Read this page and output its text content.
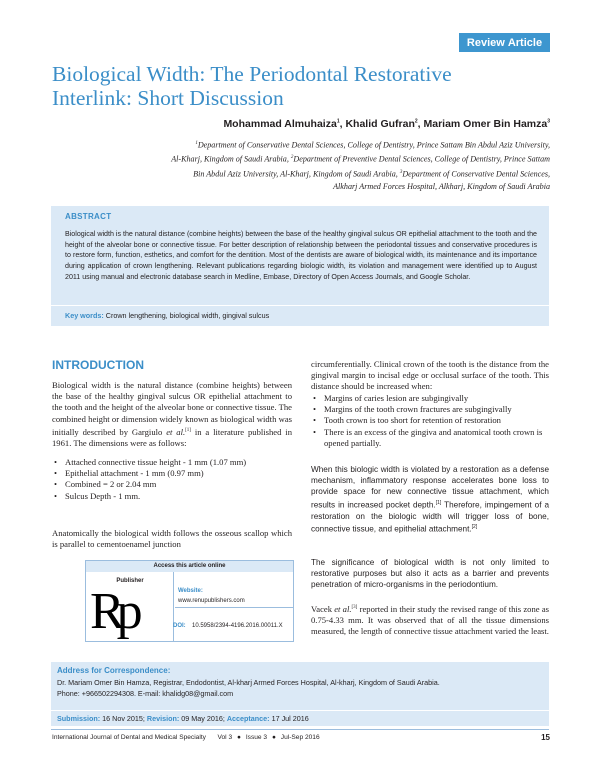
Review Article
Biological Width: The Periodontal Restorative
Interlink: Short Discussion
Mohammad Almuhaiza$^1$, Khalid Gufran$^2$, Mariam Omer Bin Hamza$^3$
$^1$Department of Conservative Dental Sciences, College of Dentistry, Prince Sattam Bin Abdul Aziz University,
Al-Kharj, Kingdom of Saudi Arabia, $^2$Department of Preventive Dental Sciences, College of Dentistry, Prince Sattam
Bin Abdul Aziz University, Al-Kharj, Kingdom of Saudi Arabia, $^3$Department of Conservative Dental Sciences,
Alkharj Armed Forces Hospital, Alkharj, Kingdom of Saudi Arabia
ABSTRACT
Biological width is the natural distance (combine heights) between the base of the healthy gingival sulcus OR epithelial attachment to the tooth and the height of the alveolar bone or connective tissue. For better description of relationship between the periodontal tissues and conservative procedures is to restore form, function, esthetics, and comfort for the dentition. Most of the dentists are aware of biological width, its maintenance and its importance during application of crown lengthening. Relevant publications regarding biologic width, its violation and management were identified up to August 2011 using manual and electronic database search in Medline, Embase, Directory of Open Access Journals, and Google Scholar.
Key words: Crown lengthening, biological width, gingival sulcus
INTRODUCTION
Biological width is the natural distance (combine heights) between the base of the healthy gingival sulcus OR epithelial attachment to the tooth and the height of the alveolar bone or connective tissue. The combined height or dimension widely known as biological width was initially described by Gargiulo et al.[1] in a literature published in 1961. The dimensions were as follows:
• Attached connective tissue height - 1 mm (1.07 mm)
• Epithelial attachment - 1 mm (0.97 mm)
• Combined = 2 or 2.04 mm
• Sulcus Depth - 1 mm.
Anatomically the biological width follows the osseous scallop which is parallel to cementoenamel junction
Access this article online
Publisher
Rp	Website:
www.renupublishers.com
DOI: 10.5958/2394-4196.2016.00011.X
circumferentially. Clinical crown of the tooth is the distance from the gingival margin to incisal edge or occlusal surface of the tooth. This distance should be increased when:
• Margins of caries lesion are subgingivally
• Margins of the tooth crown fractures are subgingivally
• Tooth crown is too short for retention of restoration
• There is an excess of the gingiva and anatomical tooth crown is opened partially.
When this biologic width is violated by a restoration as a defense mechanism, inflammatory response accelerates bone loss to provide space for new connective tissue attachment, which results in increased pocket depth.[1] Therefore, impingement of a restoration on the biologic width will trigger loss of bone, connective tissue, and epithelial attachment.[2]
The significance of biological width is not only limited to restorative purposes but also it acts as a barrier and prevents penetration of micro-organisms in the periodontium.
Vacek et al.[3] reported in their study the revised range of this zone as 0.75-4.33 mm. It was observed that of all the tissue dimensions measured, the length of connective tissue attachment varied the least.
Address for Correspondence:
Dr. Mariam Omer Bin Hamza, Registrar, Endodontist, Al-kharj Armed Forces Hospital, Al-kharj, Kingdom of Saudi Arabia.
Phone: +966502294308. E-mail: khalidg08@gmail.com
Submission: 16 Nov 2015; Revision: 09 May 2016; Acceptance: 17 Jul 2016
International Journal of Dental and Medical Specialty Vol 3 ● Issue 3 ● Jul-Sep 2016	15
